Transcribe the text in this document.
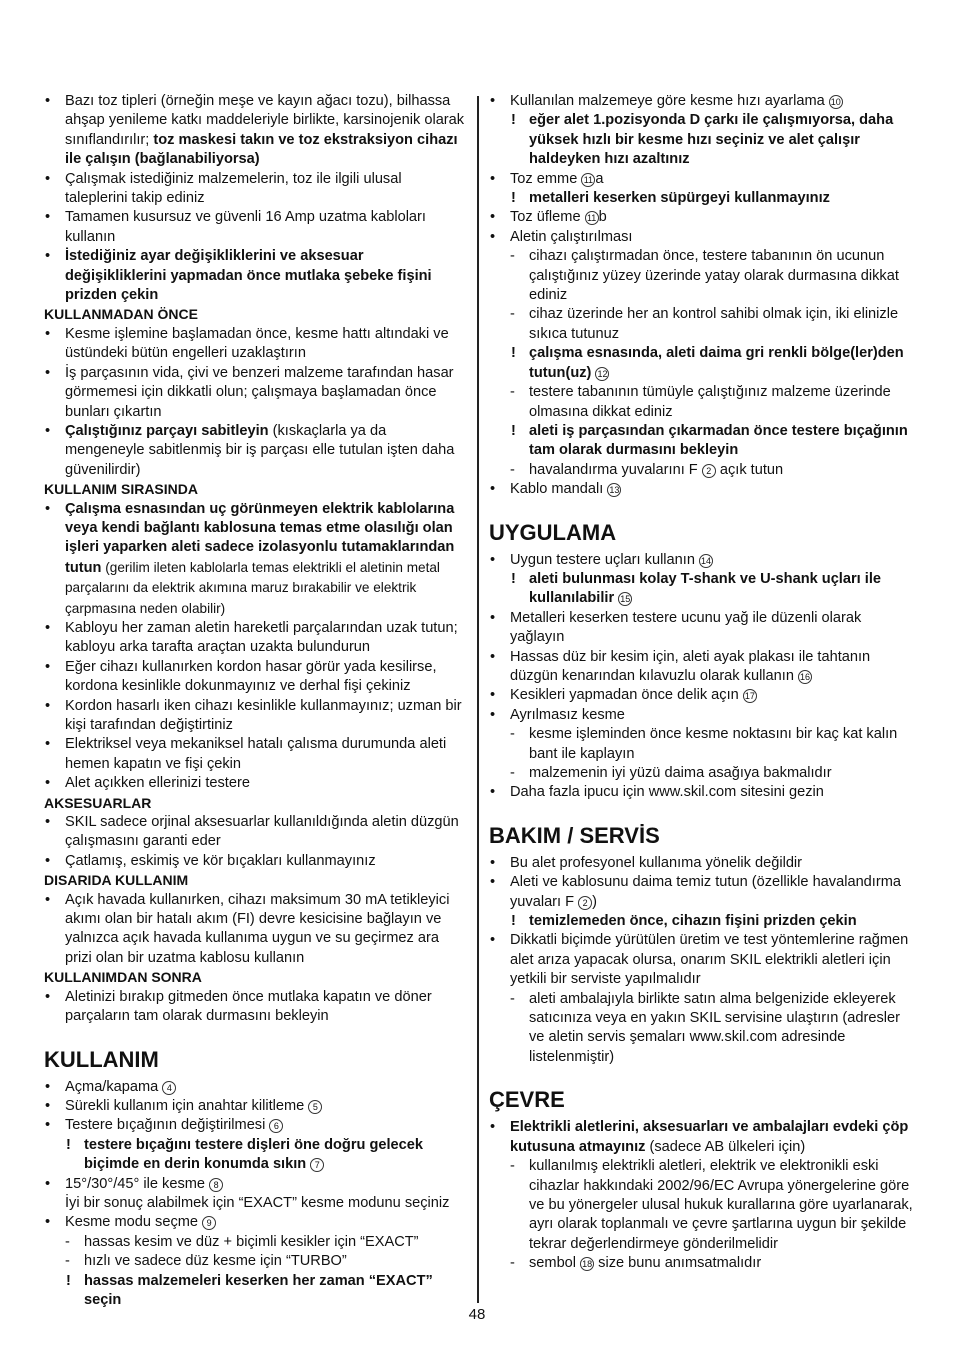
• Bazı toz tipleri (örneğin meşe ve kayın ağacı tozu), bilhassa ahşap yenileme katkı maddeleriyle birlikte, karsinojenik olarak sınıflandırılır; toz maskesi takın ve toz ekstraksiyon cihazı ile çalışın (bağlanabiliyorsa)

• Çalışmak istediğiniz malzemelerin, toz ile ilgili ulusal taleplerini takip ediniz

• Tamamen kusursuz ve güvenli 16 Amp uzatma kabloları kullanın

• İstediğiniz ayar değişikliklerini ve aksesuar değişikliklerini yapmadan önce mutlaka şebeke fişini prizden çekin

KULLANMADAN ÖNCE

• Kesme işlemine başlamadan önce, kesme hattı altındaki ve üstündeki bütün engelleri uzaklaştırın

• İş parçasının vida, çivi ve benzeri malzeme tarafından hasar görmemesi için dikkatli olun; çalışmaya başlamadan önce bunları çıkartın

• Çalıştığınız parçayı sabitleyin (kıskaçlarla ya da mengeneyle sabitlenmiş bir iş parçası elle tutulan işten daha güvenilirdir)

KULLANIM SIRASINDA

• Çalışma esnasından uç görünmeyen elektrik kablolarına veya kendi bağlantı kablosuna temas etme olasılığı olan işleri yaparken aleti sadece izolasyonlu tutamaklarından tutun (gerilim ileten kablolarla temas elektrikli el aletinin metal parçalarını da elektrik akımına maruz bırakabilir ve elektrik çarpmasına neden olabilir)

• Kabloyu her zaman aletin hareketli parçalarından uzak tutun; kabloyu arka tarafta araçtan uzakta bulundurun

• Eğer cihazı kullanırken kordon hasar görür yada kesilirse, kordona kesinlikle dokunmayınız ve derhal fişi çekiniz

• Kordon hasarlı iken cihazı kesinlikle kullanmayınız; uzman bir kişi tarafından değiştirtiniz

• Elektriksel veya mekaniksel hatalı çalısma durumunda aleti hemen kapatın ve fişi çekin

• Alet açıkken ellerinizi testere

AKSESUARLAR

• SKIL sadece orjinal aksesuarlar kullanıldığında aletin düzgün çalışmasını garanti eder

• Çatlamış, eskimiş ve kör bıçakları kullanmayınız

DISARIDA KULLANIM

• Açık havada kullanırken, cihazı maksimum 30 mA tetikleyici akımı olan bir hatalı akım (FI) devre kesicisine bağlayın ve yalnızca açık havada kullanıma uygun ve su geçirmez ara prizi olan bir uzatma kablosu kullanın

KULLANIMDAN SONRA

• Aletinizi bırakıp gitmeden önce mutlaka kapatın ve döner parçaların tam olarak durmasını bekleyin

KULLANIM

• Açma/kapama 4

• Sürekli kullanım için anahtar kilitleme 5

• Testere bıçağının değiştirilmesi 6

! testere bıçağını testere dişleri öne doğru gelecek biçimde en derin konumda sıkın 7

• 15°/30°/45° ile kesme 8

İyi bir sonuç alabilmek için “EXACT” kesme modunu seçiniz

• Kesme modu seçme 9

- hassas kesim ve düz + biçimli kesikler için “EXACT”

- hızlı ve sadece düz kesme için “TURBO”

! hassas malzemeleri keserken her zaman “EXACT” seçin

• Kullanılan malzemeye göre kesme hızı ayarlama 10

! eğer alet 1.pozisyonda D çarkı ile çalışmıyorsa, daha yüksek hızlı bir kesme hızı seçiniz ve alet çalışır haldeyken hızı azaltınız

• Toz emme 11 a

! metalleri keserken süpürgeyi kullanmayınız

• Toz üfleme 11 b

• Aletin çalıştırılması

- cihazı çalıştırmadan önce, testere tabanının ön ucunun çalıştığınız yüzey üzerinde yatay olarak durmasına dikkat ediniz

- cihaz üzerinde her an kontrol sahibi olmak için, iki elinizle sıkıca tutunuz

! çalışma esnasında, aleti daima gri renkli bölge(ler)den tutun(uz) 12

- testere tabanının tümüyle çalıştığınız malzeme üzerinde olmasına dikkat ediniz

! aleti iş parçasından çıkarmadan önce testere bıçağının tam olarak durmasını bekleyin

- havalandırma yuvalarını F 2 açık tutun

• Kablo mandalı 13

UYGULAMA

• Uygun testere uçları kullanın 14

! aleti bulunması kolay T-shank ve U-shank uçları ile kullanılabilir 15

• Metalleri keserken testere ucunu yağ ile düzenli olarak yağlayın

• Hassas düz bir kesim için, aleti ayak plakası ile tahtanın düzgün kenarından kılavuzlu olarak kullanın 16

• Kesikleri yapmadan önce delik açın 17

• Ayrılmasız kesme

- kesme işleminden önce kesme noktasını bir kaç kat kalın bant ile kaplayın

- malzemenin iyi yüzü daima asağıya bakmalıdır

• Daha fazla ipucu için www.skil.com sitesini gezin

BAKIM / SERVİS

• Bu alet profesyonel kullanıma yönelik değildir

• Aleti ve kablosunu daima temiz tutun (özellikle havalandırma yuvaları F 2 )

! temizlemeden önce, cihazın fişini prizden çekin

• Dikkatli biçimde yürütülen üretim ve test yöntemlerine rağmen alet arıza yapacak olursa, onarım SKIL elektrikli aletleri için yetkili bir serviste yapılmalıdır

- aleti ambalajıyla birlikte satın alma belgenizide ekleyerek satıcınıza veya en yakın SKIL servisine ulaştırın (adresler ve aletin servis şemaları www.skil.com adresinde listelenmiştir)

ÇEVRE

• Elektrikli aletlerini, aksesuarları ve ambalajları evdeki çöp kutusuna atmayınız (sadece AB ülkeleri için)

- kullanılmış elektrikli aletleri, elektrik ve elektronikli eski cihazlar hakkındaki 2002/96/EC Avrupa yönergelerine göre ve bu yönergeler ulusal hukuk kurallarına göre uyarlanarak, ayrı olarak toplanmalı ve çevre şartlarına uygun bir şekilde tekrar değerlendirmeye gönderilmelidir

- sembol 18 size bunu anımsatmalıdır

48
